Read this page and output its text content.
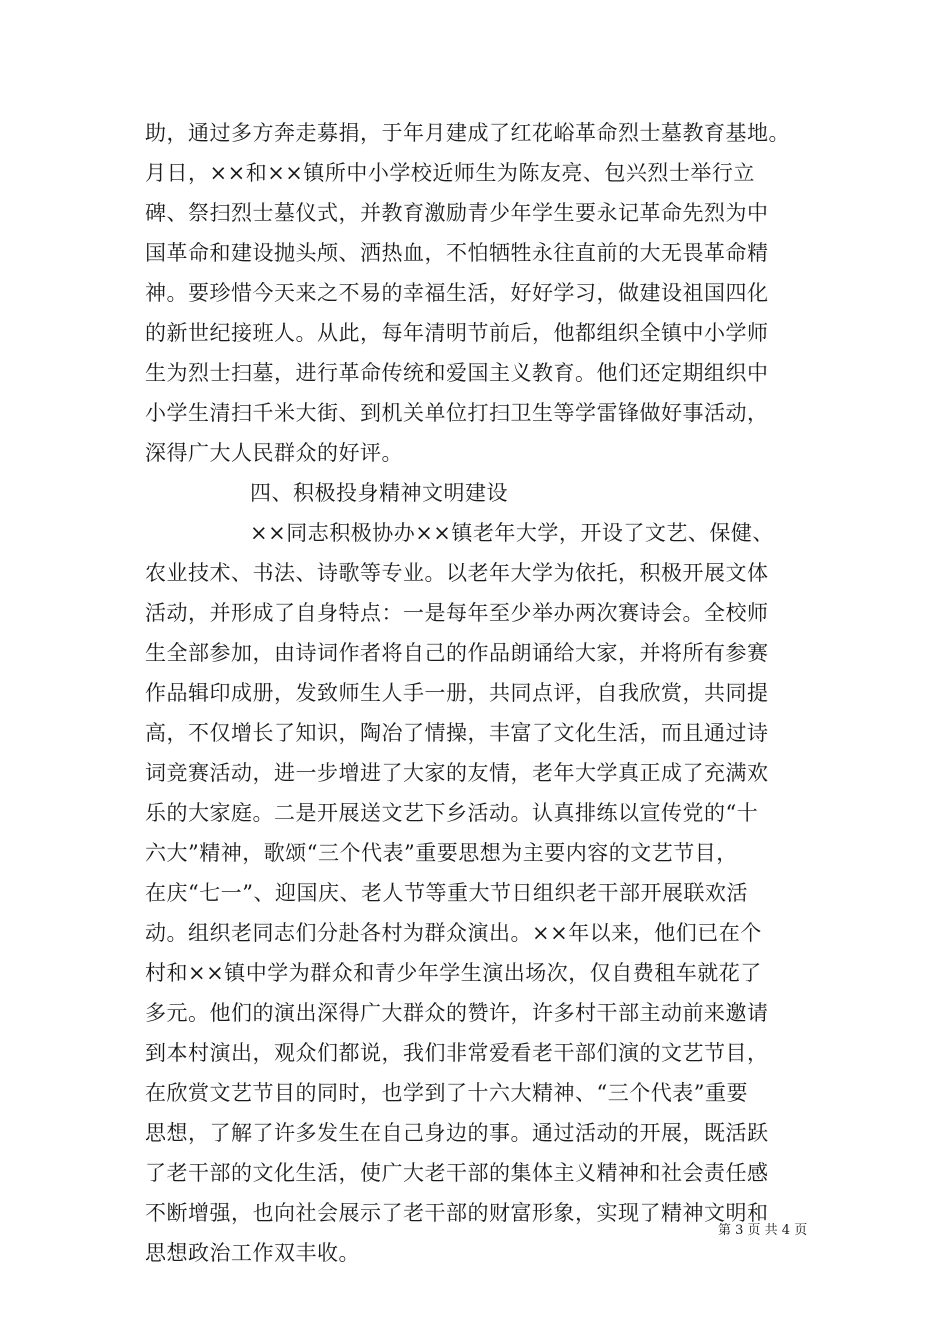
助，通过多方奔走募捐，于年月建成了红花峪革命烈士墓教育基地。
月日，××和××镇所中小学校近师生为陈友亮、包兴烈士举行立
碑、祭扫烈士墓仪式，并教育激励青少年学生要永记革命先烈为中
国革命和建设抛头颅、洒热血，不怕牺牲永往直前的大无畏革命精
神。要珍惜今天来之不易的幸福生活，好好学习，做建设祖国四化
的新世纪接班人。从此，每年清明节前后，他都组织全镇中小学师
生为烈士扫墓，进行革命传统和爱国主义教育。他们还定期组织中
小学生清扫千米大街、到机关单位打扫卫生等学雷锋做好事活动，
深得广大人民群众的好评。
四、积极投身精神文明建设
××同志积极协办××镇老年大学，开设了文艺、保健、
农业技术、书法、诗歌等专业。以老年大学为依托，积极开展文体
活动，并形成了自身特点：一是每年至少举办两次赛诗会。全校师
生全部参加，由诗词作者将自己的作品朗诵给大家，并将所有参赛
作品辑印成册，发致师生人手一册，共同点评，自我欣赏，共同提
高，不仅增长了知识，陶冶了情操，丰富了文化生活，而且通过诗
词竞赛活动，进一步增进了大家的友情，老年大学真正成了充满欢
乐的大家庭。二是开展送文艺下乡活动。认真排练以宣传党的“十
六大”精神，歌颂“三个代表”重要思想为主要内容的文艺节目，
在庆“七一”、迎国庆、老人节等重大节日组织老干部开展联欢活
动。组织老同志们分赴各村为群众演出。××年以来，他们已在个
村和××镇中学为群众和青少年学生演出场次，仅自费租车就花了
多元。他们的演出深得广大群众的赞许，许多村干部主动前来邀请
到本村演出，观众们都说，我们非常爱看老干部们演的文艺节目，
在欣赏文艺节目的同时，也学到了十六大精神、“三个代表”重要
思想，了解了许多发生在自己身边的事。通过活动的开展，既活跃
了老干部的文化生活，使广大老干部的集体主义精神和社会责任感
不断增强，也向社会展示了老干部的财富形象，实现了精神文明和
思想政治工作双丰收。
第 3 页 共 4 页
